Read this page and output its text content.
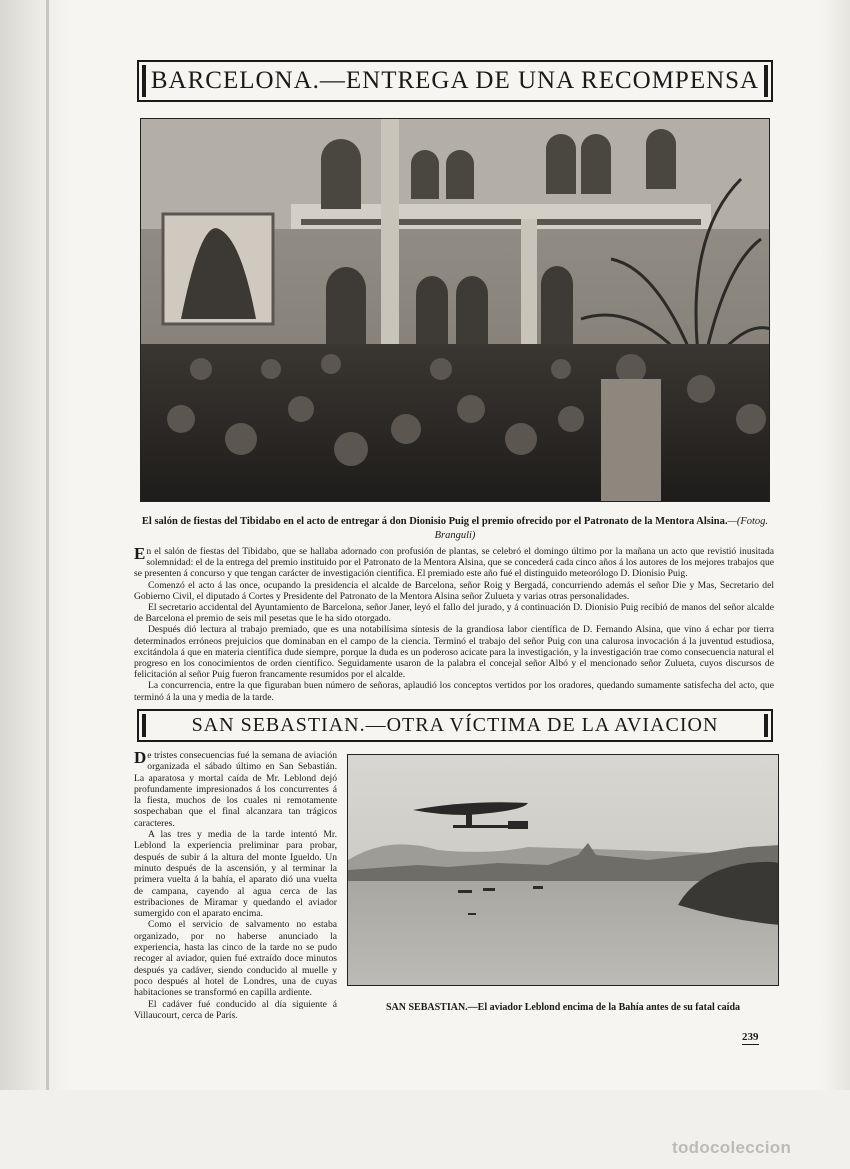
BARCELONA.—ENTREGA DE UNA RECOMPENSA
El salón de fiestas del Tibidabo en el acto de entregar á don Dionisio Puig el premio ofrecido por el Patronato de la Mentora Alsina.—(Fotog. Branguli)

En el salón de fiestas del Tibidabo, que se hallaba adornado con profusión de plantas, se celebró el domingo último por la mañana un acto que revistió inusitada solemnidad: el de la entrega del premio instituido por el Patronato de la Mentora Alsina, que se concederá cada cinco años á los autores de los mejores trabajos que se presenten á concurso y que tengan carácter de investigación científica. El premiado este año fué el distinguido meteorólogo D. Dionisio Puig.

Comenzó el acto á las once, ocupando la presidencia el alcalde de Barcelona, señor Roig y Bergadá, concurriendo además el señor Die y Mas, Secretario del Gobierno Civil, el diputado á Cortes y Presidente del Patronato de la Mentora Alsina señor Zulueta y varias otras personalidades.

El secretario accidental del Ayuntamiento de Barcelona, señor Janer, leyó el fallo del jurado, y á continuación D. Dionisio Puig recibió de manos del señor alcalde de Barcelona el premio de seis mil pesetas que le ha sido otorgado.

Después dió lectura al trabajo premiado, que es una notabilísima síntesis de la grandiosa labor científica de D. Fernando Alsina, que vino á echar por tierra determinados erróneos prejuicios que dominaban en el campo de la ciencia. Terminó el trabajo del señor Puig con una calurosa invocación á la juventud estudiosa, excitándola á que en materia científica dude siempre, porque la duda es un poderoso acicate para la investigación, y la investigación trae como consecuencia natural el progreso en los conocimientos de orden científico. Seguidamente usaron de la palabra el concejal señor Albó y el mencionado señor Zulueta, cuyos discursos de felicitación al señor Puig fueron francamente resumidos por el alcalde.

La concurrencia, entre la que figuraban buen número de señoras, aplaudió los conceptos vertidos por los oradores, quedando sumamente satisfecha del acto, que terminó á la una y media de la tarde.

SAN SEBASTIAN.—OTRA VÍCTIMA DE LA AVIACION

De tristes consecuencias fué la semana de aviación organizada el sábado último en San Sebastián. La aparatosa y mortal caída de Mr. Leblond dejó profundamente impresionados á los concurrentes á la fiesta, muchos de los cuales ni remotamente sospechaban que el final alcanzara tan trágicos caracteres.

A las tres y media de la tarde intentó Mr. Leblond la experiencia preliminar para probar, después de subir á la altura del monte Igueldo. Un minuto después de la ascensión, y al terminar la primera vuelta á la bahía, el aparato dió una vuelta de campana, cayendo al agua cerca de las estribaciones de Miramar y quedando el aviador sumergido con el aparato encima.

Como el servicio de salvamento no estaba organizado, por no haberse anunciado la experiencia, hasta las cinco de la tarde no se pudo recoger al aviador, quien fué extraído doce minutos después ya cadáver, siendo conducido al muelle y poco después al hotel de Londres, una de cuyas habitaciones se transformó en capilla ardiente.

El cadáver fué conducido al día siguiente á Villaucourt, cerca de París.

SAN SEBASTIAN.—El aviador Leblond encima de la Bahía antes de su fatal caída
239
todocoleccion
